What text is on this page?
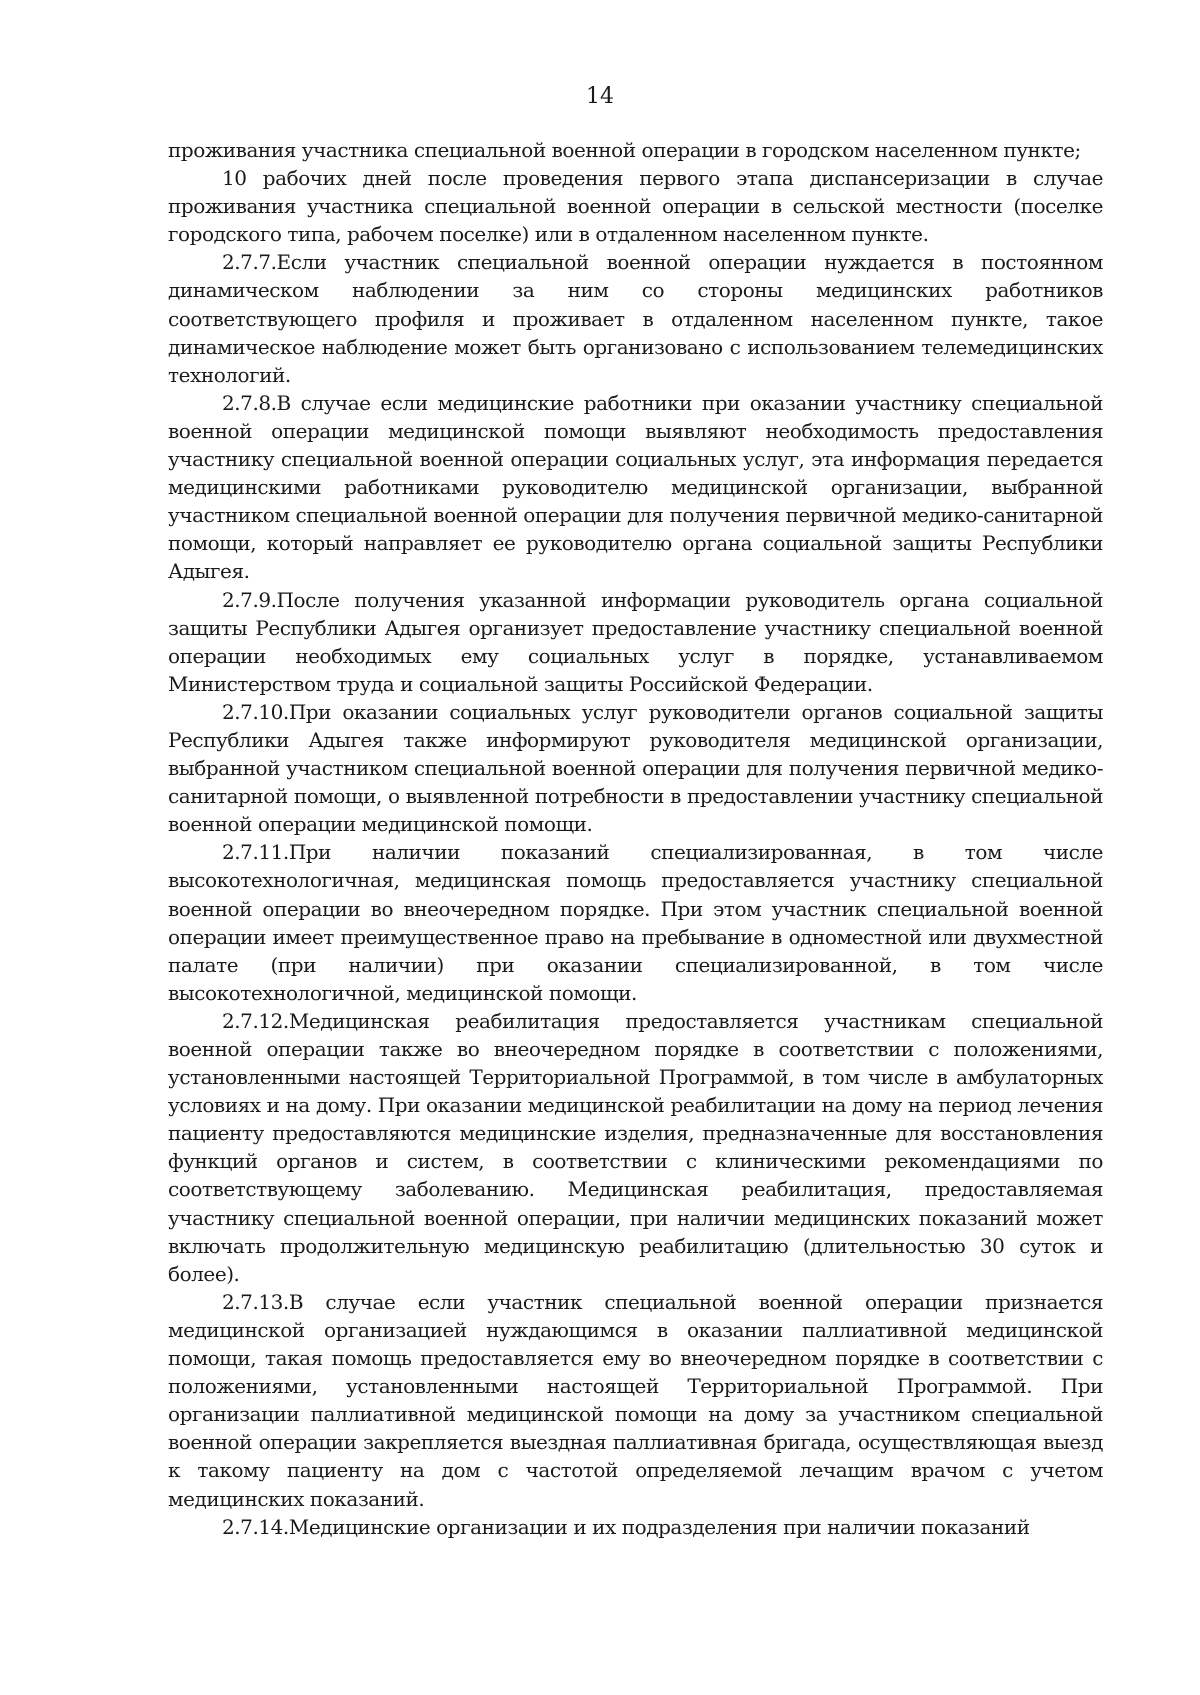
14

проживания участника специальной военной операции в городском населенном пункте;

10 рабочих дней после проведения первого этапа диспансеризации в случае проживания участника специальной военной операции в сельской местности (поселке городского типа, рабочем поселке) или в отдаленном населенном пункте.

2.7.7.Если участник специальной военной операции нуждается в постоянном динамическом наблюдении за ним со стороны медицинских работников соответствующего профиля и проживает в отдаленном населенном пункте, такое динамическое наблюдение может быть организовано с использованием телемедицинских технологий.

2.7.8.В случае если медицинские работники при оказании участнику специальной военной операции медицинской помощи выявляют необходимость предоставления участнику специальной военной операции социальных услуг, эта информация передается медицинскими работниками руководителю медицинской организации, выбранной участником специальной военной операции для получения первичной медико-санитарной помощи, который направляет ее руководителю органа социальной защиты Республики Адыгея.

2.7.9.После получения указанной информации руководитель органа социальной защиты Республики Адыгея организует предоставление участнику специальной военной операции необходимых ему социальных услуг в порядке, устанавливаемом Министерством труда и социальной защиты Российской Федерации.

2.7.10.При оказании социальных услуг руководители органов социальной защиты Республики Адыгея также информируют руководителя медицинской организации, выбранной участником специальной военной операции для получения первичной медико-санитарной помощи, о выявленной потребности в предоставлении участнику специальной военной операции медицинской помощи.

2.7.11.При наличии показаний специализированная, в том числе высокотехнологичная, медицинская помощь предоставляется участнику специальной военной операции во внеочередном порядке. При этом участник специальной военной операции имеет преимущественное право на пребывание в одноместной или двухместной палате (при наличии) при оказании специализированной, в том числе высокотехнологичной, медицинской помощи.

2.7.12.Медицинская реабилитация предоставляется участникам специальной военной операции также во внеочередном порядке в соответствии с положениями, установленными настоящей Территориальной Программой, в том числе в амбулаторных условиях и на дому. При оказании медицинской реабилитации на дому на период лечения пациенту предоставляются медицинские изделия, предназначенные для восстановления функций органов и систем, в соответствии с клиническими рекомендациями по соответствующему заболеванию. Медицинская реабилитация, предоставляемая участнику специальной военной операции, при наличии медицинских показаний может включать продолжительную медицинскую реабилитацию (длительностью 30 суток и более).

2.7.13.В случае если участник специальной военной операции признается медицинской организацией нуждающимся в оказании паллиативной медицинской помощи, такая помощь предоставляется ему во внеочередном порядке в соответствии с положениями, установленными настоящей Территориальной Программой. При организации паллиативной медицинской помощи на дому за участником специальной военной операции закрепляется выездная паллиативная бригада, осуществляющая выезд к такому пациенту на дом с частотой определяемой лечащим врачом с учетом медицинских показаний.

2.7.14.Медицинские организации и их подразделения при наличии показаний
